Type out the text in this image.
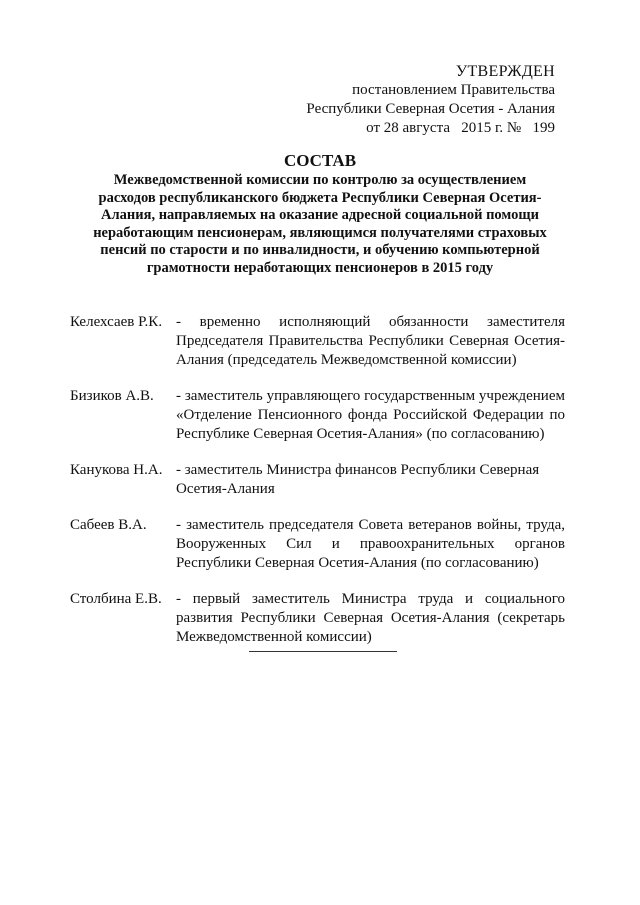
УТВЕРЖДЕН
постановлением Правительства
Республики Северная Осетия - Алания
от 28 августа   2015 г. №   199
СОСТАВ
Межведомственной комиссии по контролю за осуществлением
расходов республиканского бюджета Республики Северная Осетия-
Алания, направляемых на оказание адресной социальной помощи
неработающим пенсионерам, являющимся получателями страховых
пенсий по старости и по инвалидности, и обучению компьютерной
грамотности неработающих пенсионеров в 2015 году
Келехсаев Р.К. - временно исполняющий обязанности заместителя
Председателя Правительства Республики Северная Осетия-
Алания (председатель Межведомственной комиссии)
Бизиков А.В.	- заместитель управляющего государственным учреждением
«Отделение Пенсионного фонда Российской Федерации по
Республике Северная Осетия-Алания» (по согласованию)
Канукова Н.А. - заместитель Министра финансов Республики Северная
Осетия-Алания
Сабеев В.А.	- заместитель председателя Совета ветеранов войны, труда,
Вооруженных Сил и правоохранительных органов
Республики Северная Осетия-Алания (по согласованию)
Столбина Е.В. - первый заместитель Министра труда и социального
развития Республики Северная Осетия-Алания (секретарь
Межведомственной комиссии)
